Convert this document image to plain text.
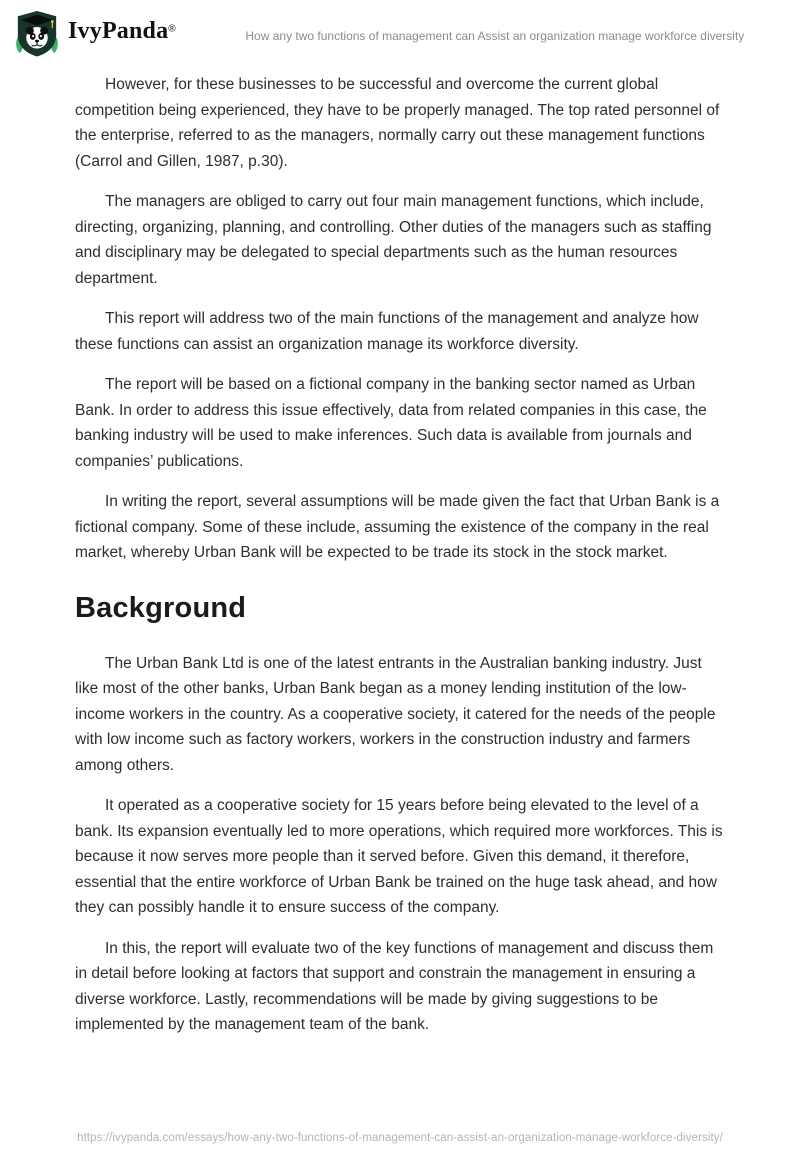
IvyPanda®	How any two functions of management can Assist an organization manage workforce diversity

However, for these businesses to be successful and overcome the current global competition being experienced, they have to be properly managed. The top rated personnel of the enterprise, referred to as the managers, normally carry out these management functions (Carrol and Gillen, 1987, p.30).

The managers are obliged to carry out four main management functions, which include, directing, organizing, planning, and controlling. Other duties of the managers such as staffing and disciplinary may be delegated to special departments such as the human resources department.

This report will address two of the main functions of the management and analyze how these functions can assist an organization manage its workforce diversity.

The report will be based on a fictional company in the banking sector named as Urban Bank. In order to address this issue effectively, data from related companies in this case, the banking industry will be used to make inferences. Such data is available from journals and companies’ publications.

In writing the report, several assumptions will be made given the fact that Urban Bank is a fictional company. Some of these include, assuming the existence of the company in the real market, whereby Urban Bank will be expected to be trade its stock in the stock market.

Background

The Urban Bank Ltd is one of the latest entrants in the Australian banking industry. Just like most of the other banks, Urban Bank began as a money lending institution of the low-income workers in the country. As a cooperative society, it catered for the needs of the people with low income such as factory workers, workers in the construction industry and farmers among others.

It operated as a cooperative society for 15 years before being elevated to the level of a bank. Its expansion eventually led to more operations, which required more workforces. This is because it now serves more people than it served before. Given this demand, it therefore, essential that the entire workforce of Urban Bank be trained on the huge task ahead, and how they can possibly handle it to ensure success of the company.

In this, the report will evaluate two of the key functions of management and discuss them in detail before looking at factors that support and constrain the management in ensuring a diverse workforce. Lastly, recommendations will be made by giving suggestions to be implemented by the management team of the bank.

https://ivypanda.com/essays/how-any-two-functions-of-management-can-assist-an-organization-manage-workforce-diversity/
